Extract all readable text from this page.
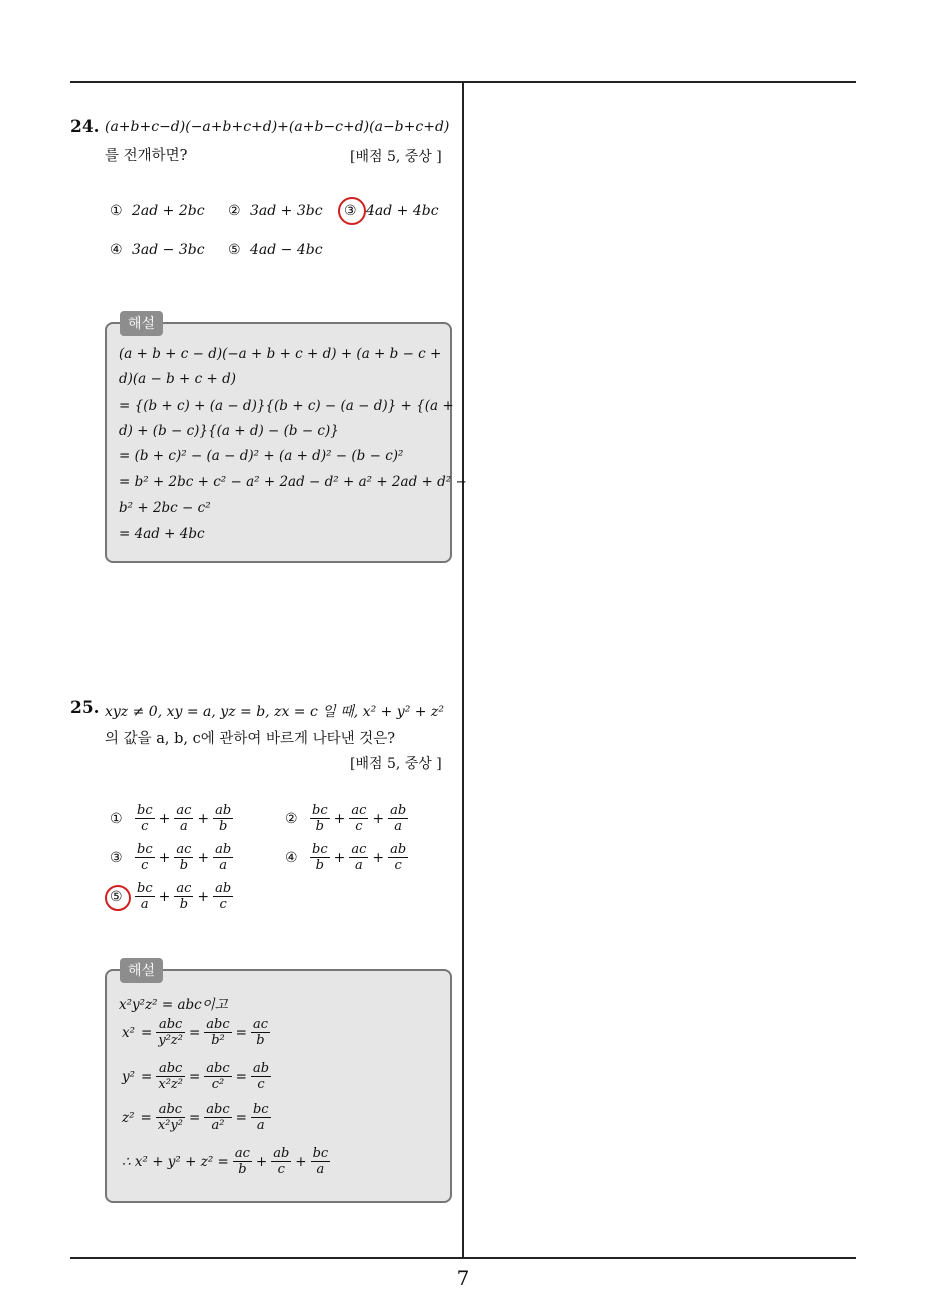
24. (a+b+c−d)(−a+b+c+d)+(a+b−c+d)(a−b+c+d)
를 전개하면?	[배점 5, 중상 ]
① 2ad + 2bc ② 3ad + 3bc ③ 4ad + 4bc
④ 3ad − 3bc ⑤ 4ad − 4bc
(a + b + c − d)(−a + b + c + d) + (a + b − c +
d)(a − b + c + d)
= {(b + c) + (a − d)}{(b + c) − (a − d)} + {(a +
d) + (b − c)}{(a + d) − (b − c)}
= (b + c)² − (a − d)² + (a + d)² − (b − c)²
= b² + 2bc + c² − a² + 2ad − d² + a² + 2ad + d² −
b² + 2bc − c²
= 4ad + 4bc
해설
25. xyz ≠ 0, xy = a, yz = b, zx = c 일 때, x² + y² + z²
의 값을 a, b, c에 관하여 바르게 나타낸 것은?
[배점 5, 중상 ]
① $\frac{bc}{c} + \frac{ac}{a} + \frac{ab}{b}$	② $\frac{bc}{b} + \frac{ac}{c} + \frac{ab}{a}$
③ $\frac{bc}{c} + \frac{ac}{b} + \frac{ab}{a}$	④ $\frac{bc}{b} + \frac{ac}{a} + \frac{ab}{c}$
⑤ $\frac{bc}{a} + \frac{ac}{b} + \frac{ab}{c}$
x²y²z² = abc이고
$x^2 = \frac{\text{abc}}{\text{y²z²}} = \frac{\text{abc}}{\text{b²}} = \frac{ac}{b}$
$y^2 = \frac{\text{abc}}{\text{x²z²}} = \frac{\text{abc}}{\text{c²}} = \frac{ab}{c}$
$z^2 = \frac{\text{abc}}{\text{x²y²}} = \frac{\text{abc}}{\text{a²}} = \frac{bc}{a}$
∴ $x^2 + y^2 + z^2 = \frac{ac}{b} + \frac{ab}{c} + \frac{bc}{a}$
해설
7
